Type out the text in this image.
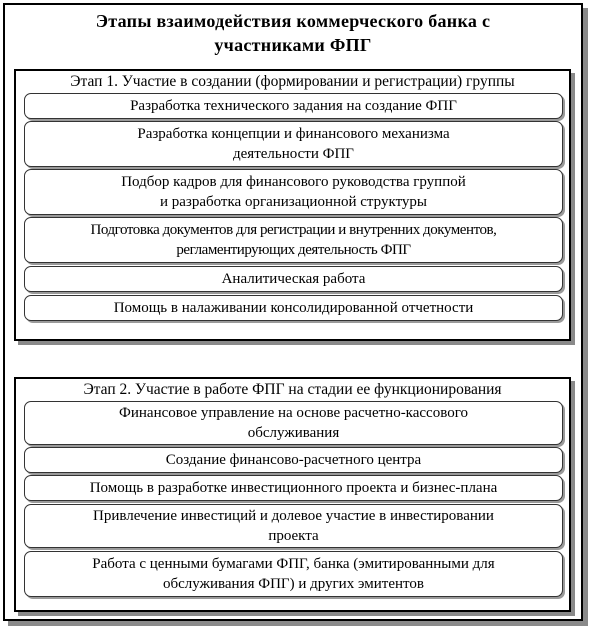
Этапы взаимодействия коммерческого банка с
участниками ФПГ
Этап 1. Участие в создании (формировании и регистрации) группы
Разработка технического задания на создание ФПГ
Разработка концепции и финансового механизма
деятельности ФПГ
Подбор кадров для финансового руководства группой
и разработка организационной структуры
Подготовка документов для регистрации и внутренних документов,
регламентирующих деятельность ФПГ
Аналитическая работа
Помощь в налаживании консолидированной отчетности
Этап 2. Участие в работе ФПГ на стадии ее функционирования
Финансовое управление на основе расчетно-кассового
обслуживания
Создание финансово-расчетного центра
Помощь в разработке инвестиционного проекта и бизнес-плана
Привлечение инвестиций и долевое участие в инвестировании
проекта
Работа с ценными бумагами ФПГ, банка (эмитированными для
обслуживания ФПГ) и других эмитентов
